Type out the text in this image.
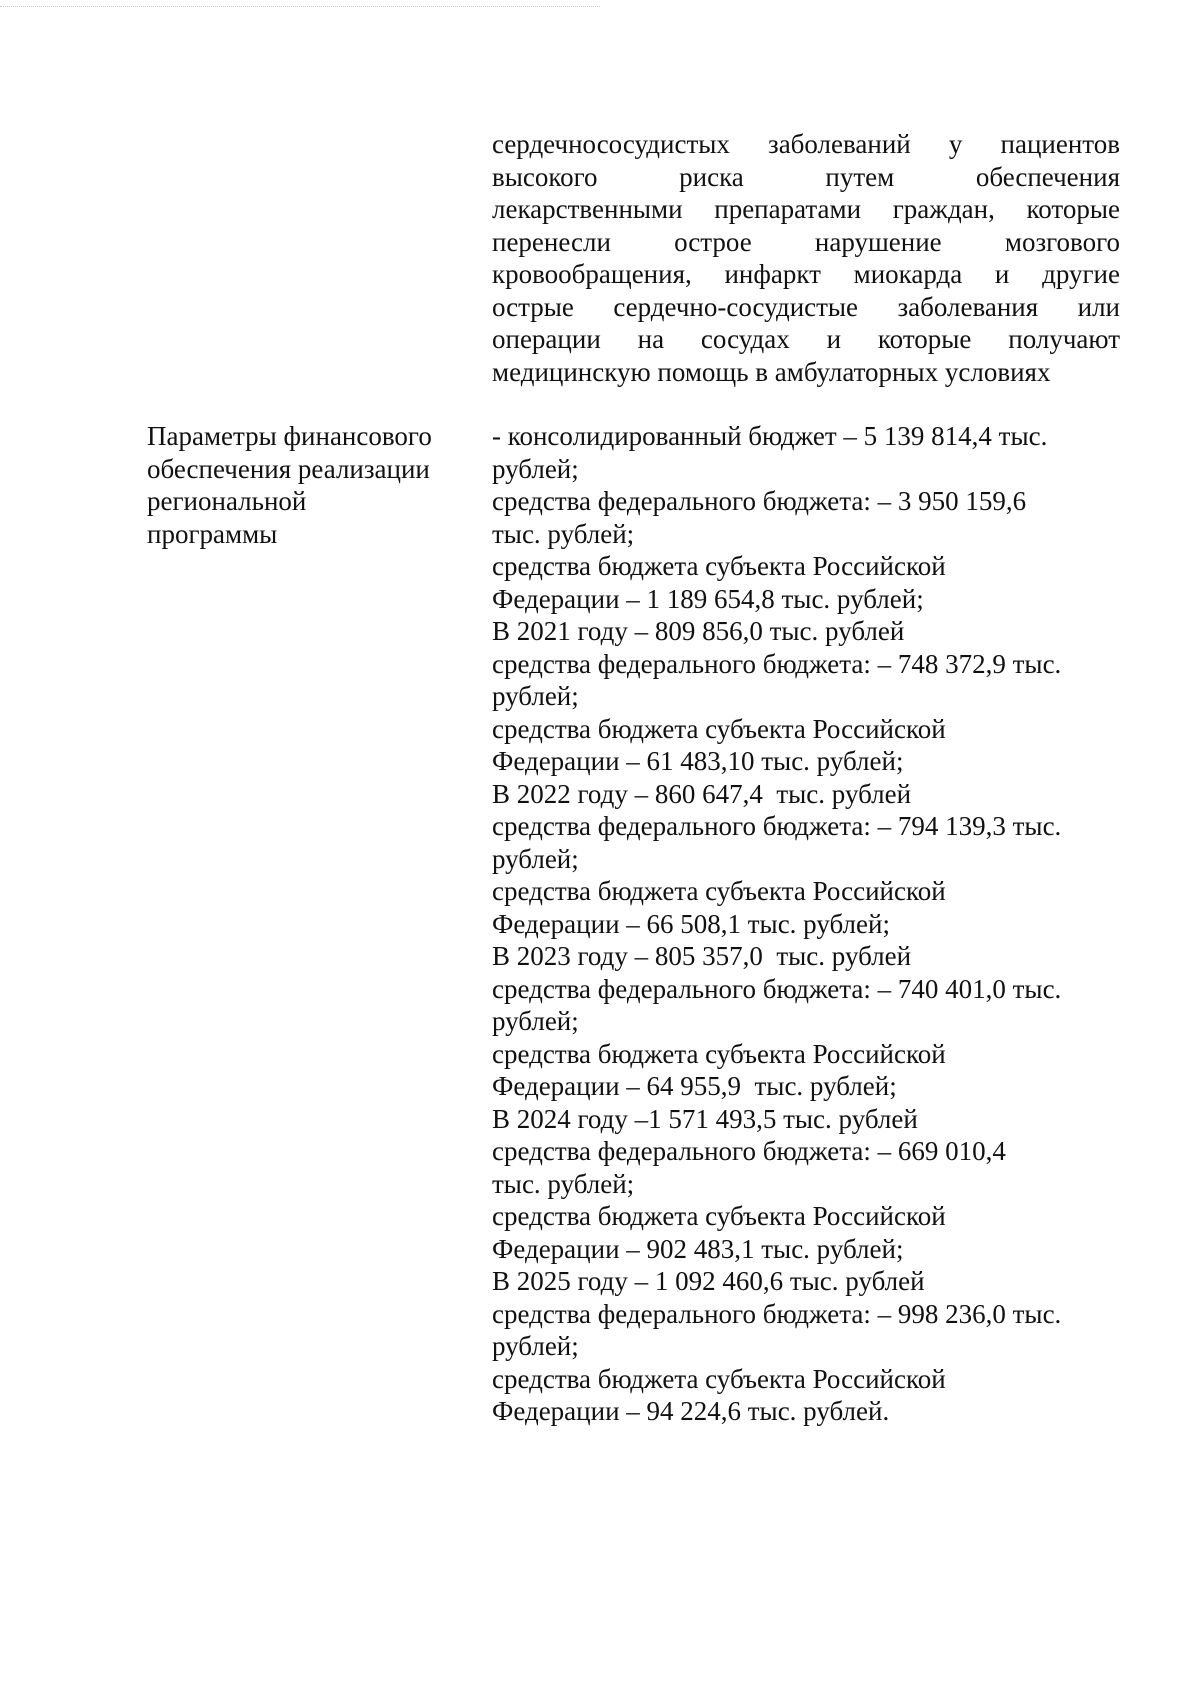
сердечнососудистых заболеваний у пациентов
высокого риска путем обеспечения
лекарственными препаратами граждан, которые
перенесли острое нарушение мозгового
кровообращения, инфаркт миокарда и другие
острые сердечно-сосудистые заболевания или
операции на сосудах и которые получают
медицинскую помощь в амбулаторных условиях
Параметры финансового
обеспечения реализации
региональной
программы
- консолидированный бюджет – 5 139 814,4 тыс.
рублей;
средства федерального бюджета: – 3 950 159,6
тыс. рублей;
средства бюджета субъекта Российской
Федерации – 1 189 654,8 тыс. рублей;
В 2021 году – 809 856,0 тыс. рублей
средства федерального бюджета: – 748 372,9 тыс.
рублей;
средства бюджета субъекта Российской
Федерации – 61 483,10 тыс. рублей;
В 2022 году – 860 647,4  тыс. рублей
средства федерального бюджета: – 794 139,3 тыс.
рублей;
средства бюджета субъекта Российской
Федерации – 66 508,1 тыс. рублей;
В 2023 году – 805 357,0  тыс. рублей
средства федерального бюджета: – 740 401,0 тыс.
рублей;
средства бюджета субъекта Российской
Федерации – 64 955,9  тыс. рублей;
В 2024 году –1 571 493,5 тыс. рублей
средства федерального бюджета: – 669 010,4
тыс. рублей;
средства бюджета субъекта Российской
Федерации – 902 483,1 тыс. рублей;
В 2025 году – 1 092 460,6 тыс. рублей
средства федерального бюджета: – 998 236,0 тыс.
рублей;
средства бюджета субъекта Российской
Федерации – 94 224,6 тыс. рублей.
